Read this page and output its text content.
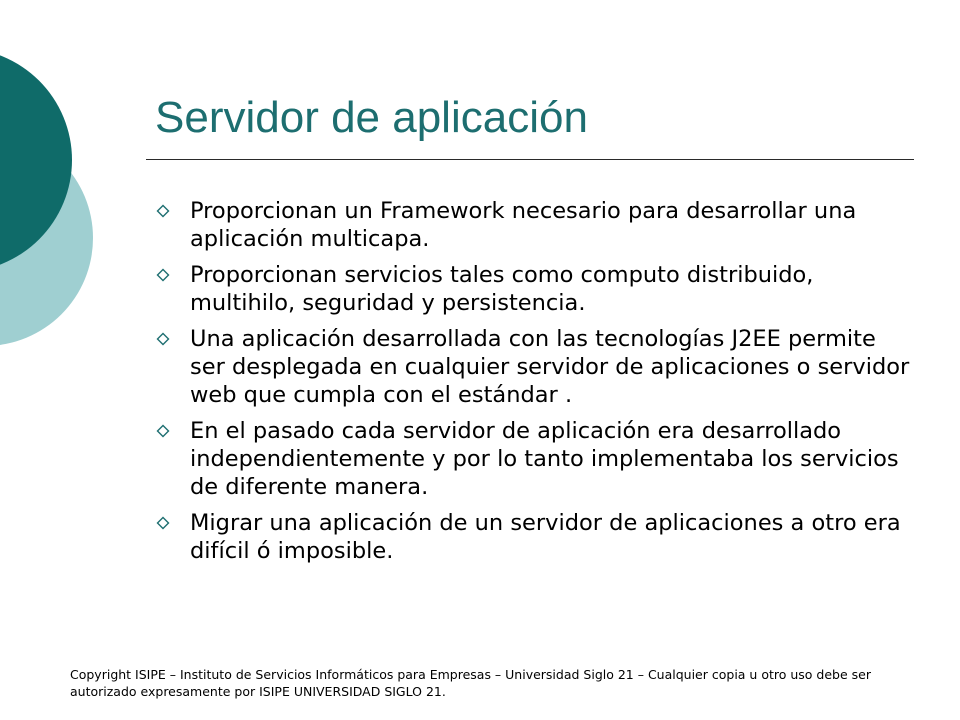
Servidor de aplicación
Proporcionan un Framework necesario para desarrollar una aplicación multicapa.
Proporcionan servicios tales como computo distribuido, multihilo, seguridad y persistencia.
Una aplicación desarrollada con las tecnologías J2EE permite ser desplegada en cualquier servidor de aplicaciones o servidor web que cumpla con el estándar .
En el pasado cada servidor de aplicación era desarrollado independientemente y por lo tanto implementaba los servicios de diferente manera.
Migrar una aplicación de un servidor de aplicaciones a otro era difícil ó imposible.

Copyright ISIPE – Instituto de Servicios Informáticos para Empresas – Universidad Siglo 21 – Cualquier copia u otro uso debe ser autorizado expresamente por ISIPE UNIVERSIDAD SIGLO 21.
